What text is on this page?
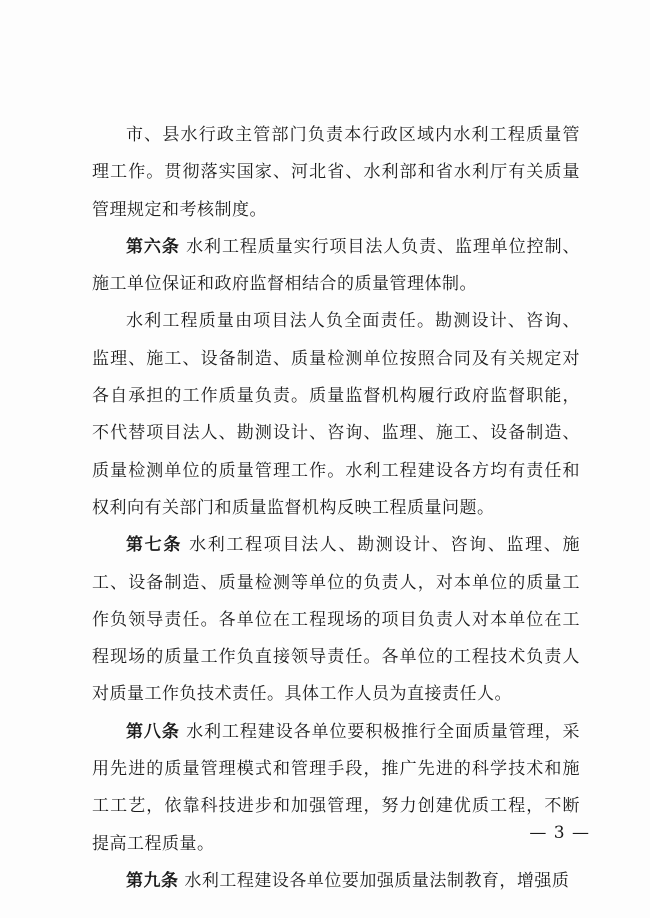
市、县水行政主管部门负责本行政区域内水利工程质量管理工作。贯彻落实国家、河北省、水利部和省水利厅有关质量管理规定和考核制度。

第六条 水利工程质量实行项目法人负责、监理单位控制、施工单位保证和政府监督相结合的质量管理体制。

水利工程质量由项目法人负全面责任。勘测设计、咨询、监理、施工、设备制造、质量检测单位按照合同及有关规定对各自承担的工作质量负责。质量监督机构履行政府监督职能，不代替项目法人、勘测设计、咨询、监理、施工、设备制造、质量检测单位的质量管理工作。水利工程建设各方均有责任和权利向有关部门和质量监督机构反映工程质量问题。

第七条 水利工程项目法人、勘测设计、咨询、监理、施工、设备制造、质量检测等单位的负责人，对本单位的质量工作负领导责任。各单位在工程现场的项目负责人对本单位在工程现场的质量工作负直接领导责任。各单位的工程技术负责人对质量工作负技术责任。具体工作人员为直接责任人。

第八条 水利工程建设各单位要积极推行全面质量管理，采用先进的质量管理模式和管理手段，推广先进的科学技术和施工工艺，依靠科技进步和加强管理，努力创建优质工程，不断提高工程质量。

第九条 水利工程建设各单位要加强质量法制教育，增强质

— 3 —
